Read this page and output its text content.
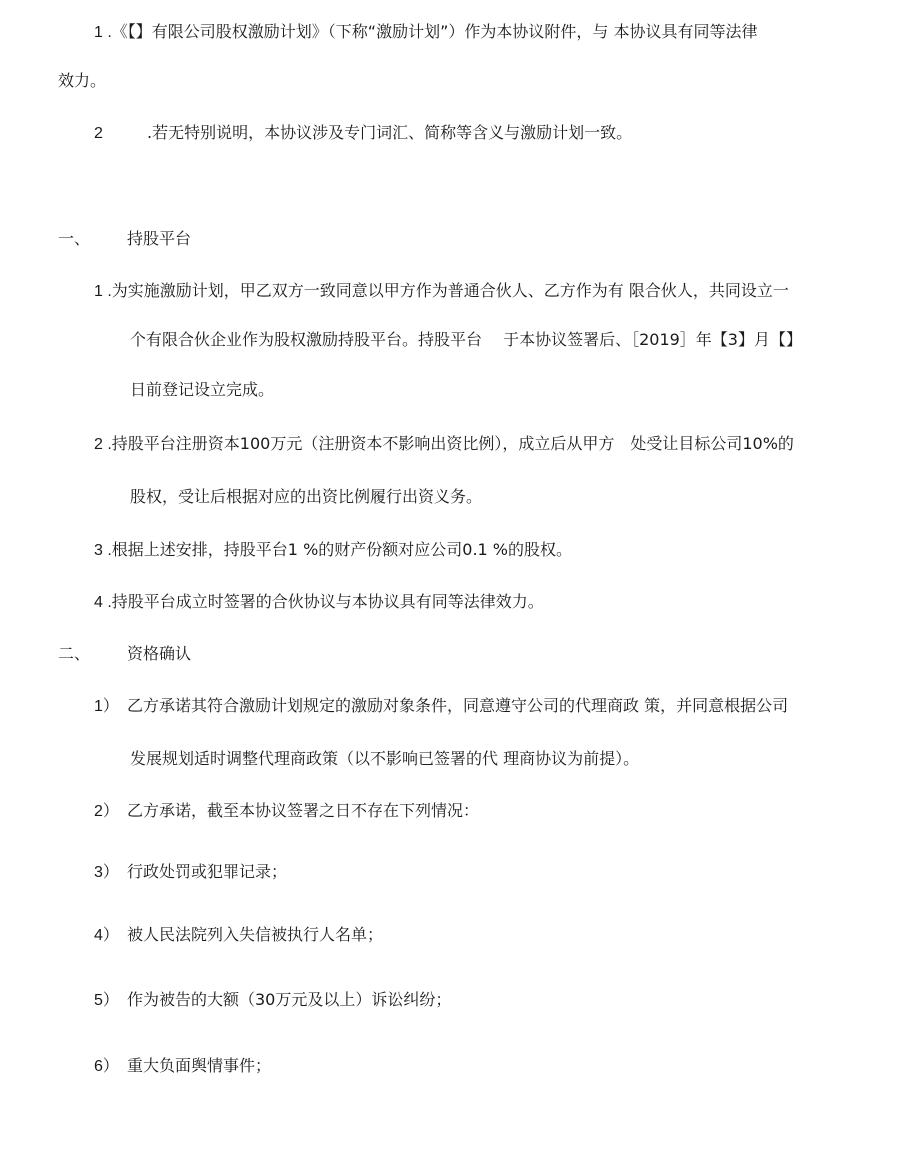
1 .《【】有限公司股权激励计划》（下称“激励计划”）作为本协议附件，与 本协议具有同等法律
效力。
2	.若无特别说明，本协议涉及专门词汇、简称等含义与激励计划一致。
一、 持股平台
1 .为实施激励计划，甲乙双方一致同意以甲方作为普通合伙人、乙方作为有 限合伙人，共同设立一
个有限合伙企业作为股权激励持股平台。持股平台　 于本协议签署后、［2019］年【3】月【】
日前登记设立完成。
2 .持股平台注册资本100万元（注册资本不影响出资比例），成立后从甲方　处受让目标公司10%的
股权，受让后根据对应的出资比例履行出资义务。
3 .根据上述安排，持股平台1 %的财产份额对应公司0.1 %的股权。
4 .持股平台成立时签署的合伙协议与本协议具有同等法律效力。
二、 资格确认
1） 乙方承诺其符合激励计划规定的激励对象条件，同意遵守公司的代理商政 策，并同意根据公司
发展规划适时调整代理商政策（以不影响已签署的代 理商协议为前提）。
2） 乙方承诺，截至本协议签署之日不存在下列情况：
3） 行政处罚或犯罪记录；
4） 被人民法院列入失信被执行人名单；
5） 作为被告的大额（30万元及以上）诉讼纠纷；
6） 重大负面舆情事件；
